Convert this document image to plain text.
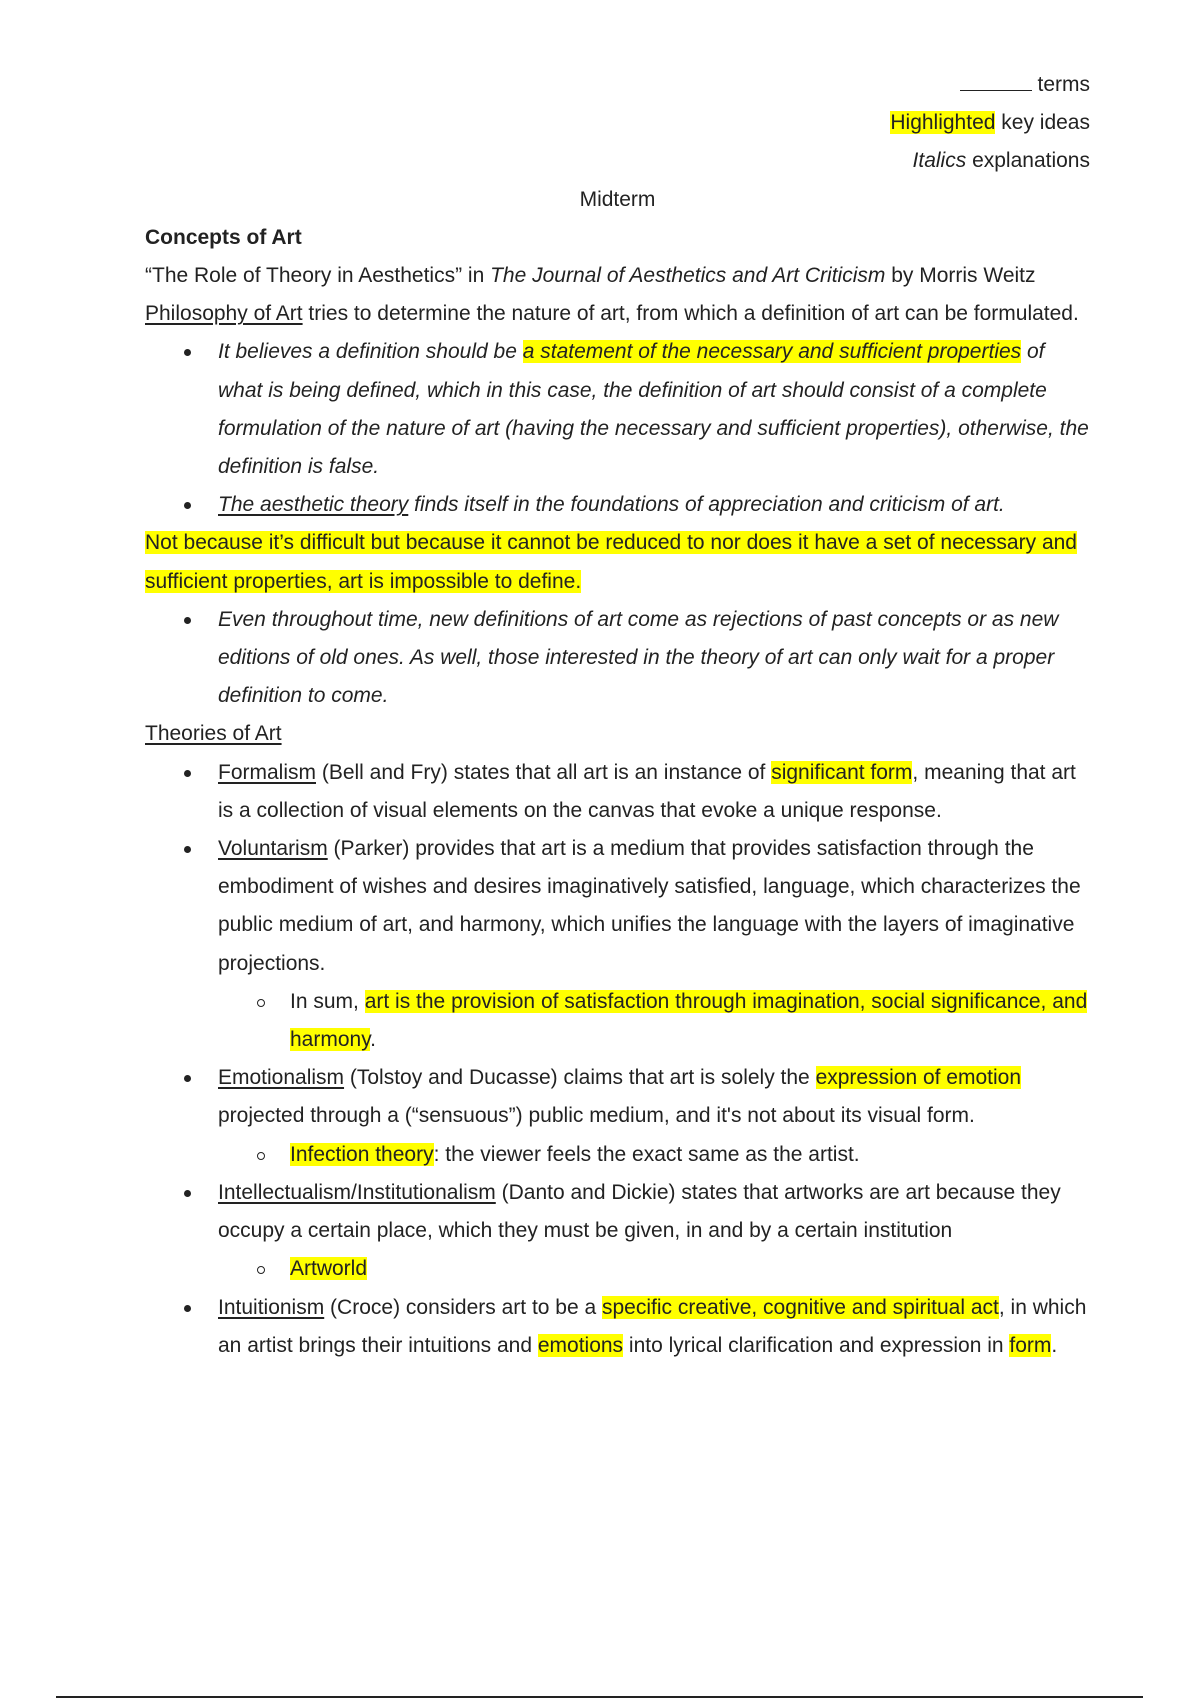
terms
Highlighted key ideas
Italics explanations
Midterm
Concepts of Art
“The Role of Theory in Aesthetics” in The Journal of Aesthetics and Art Criticism by Morris Weitz
Philosophy of Art tries to determine the nature of art, from which a definition of art can be formulated.
It believes a definition should be a statement of the necessary and sufficient properties of what is being defined, which in this case, the definition of art should consist of a complete formulation of the nature of art (having the necessary and sufficient properties), otherwise, the definition is false.
The aesthetic theory finds itself in the foundations of appreciation and criticism of art.
Not because it’s difficult but because it cannot be reduced to nor does it have a set of necessary and sufficient properties, art is impossible to define.
Even throughout time, new definitions of art come as rejections of past concepts or as new editions of old ones. As well, those interested in the theory of art can only wait for a proper definition to come.
Theories of Art
Formalism (Bell and Fry) states that all art is an instance of significant form, meaning that art is a collection of visual elements on the canvas that evoke a unique response.
Voluntarism (Parker) provides that art is a medium that provides satisfaction through the embodiment of wishes and desires imaginatively satisfied, language, which characterizes the public medium of art, and harmony, which unifies the language with the layers of imaginative projections.
In sum, art is the provision of satisfaction through imagination, social significance, and harmony.
Emotionalism (Tolstoy and Ducasse) claims that art is solely the expression of emotion projected through a (“sensuous”) public medium, and it's not about its visual form.
Infection theory: the viewer feels the exact same as the artist.
Intellectualism/Institutionalism (Danto and Dickie) states that artworks are art because they occupy a certain place, which they must be given, in and by a certain institution
Artworld
Intuitionism (Croce) considers art to be a specific creative, cognitive and spiritual act, in which an artist brings their intuitions and emotions into lyrical clarification and expression in form.
